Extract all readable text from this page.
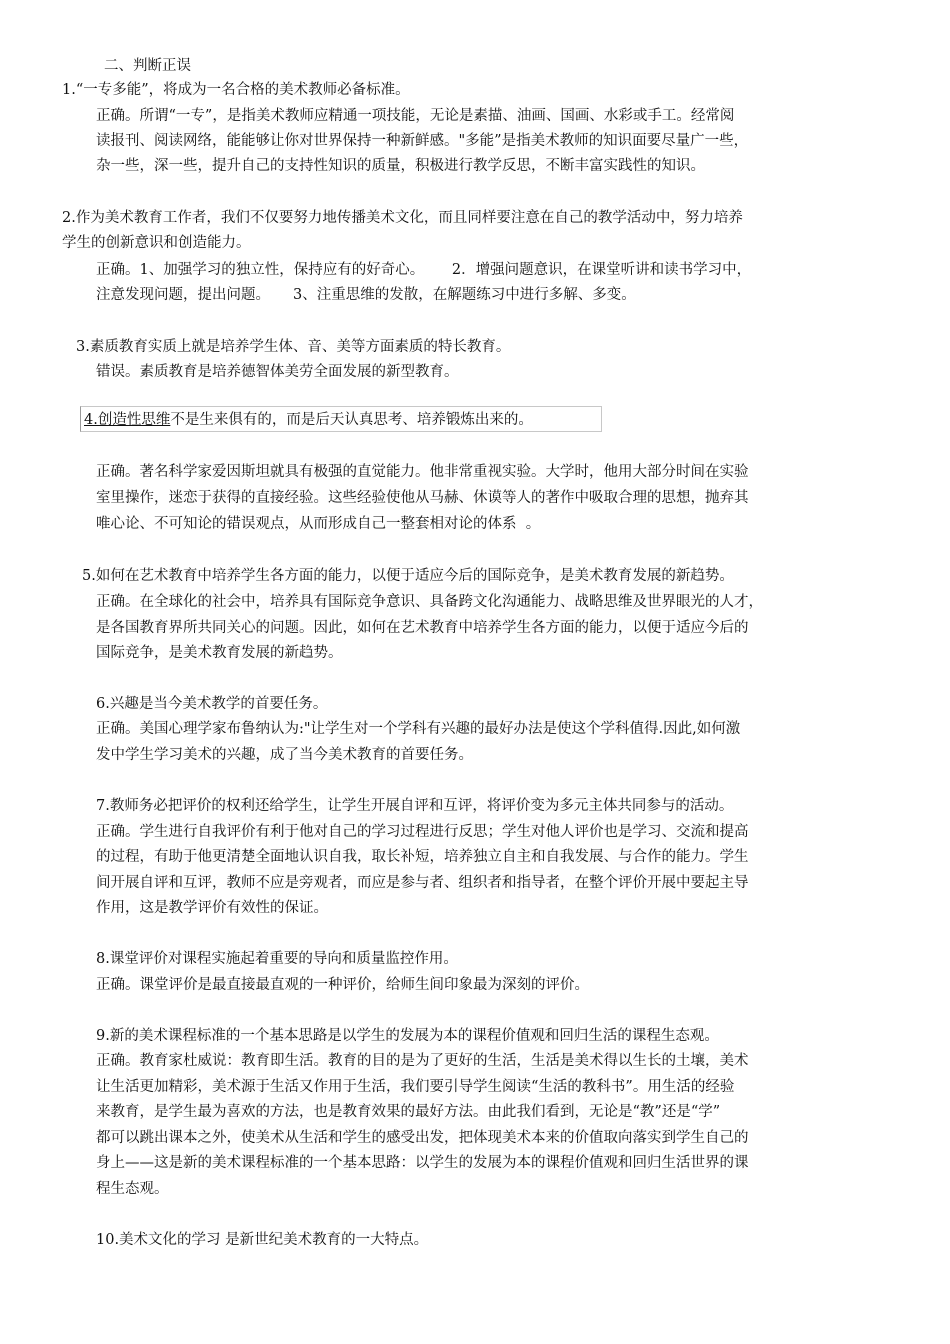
二、判断正误
1.“一专多能”，将成为一名合格的美术教师必备标准。
正确。所谓“一专”，是指美术教师应精通一项技能，无论是素描、油画、国画、水彩或手工。经常阅
读报刊、阅读网络，能能够让你对世界保持一种新鲜感。"多能”是指美术教师的知识面要尽量广一些，
杂一些，深一些，提升自己的支持性知识的质量，积极进行教学反思，不断丰富实践性的知识。
2.作为美术教育工作者，我们不仅要努力地传播美术文化，而且同样要注意在自己的教学活动中，努力培养
学生的创新意识和创造能力。
正确。1、加强学习的独立性，保持应有的好奇心。      2．增强问题意识，在课堂听讲和读书学习中，
注意发现问题，提出问题。     3、注重思维的发散，在解题练习中进行多解、多变。
3.素质教育实质上就是培养学生体、音、美等方面素质的特长教育。
错误。素质教育是培养德智体美劳全面发展的新型教育。
4.创造性思维不是生来俱有的，而是后天认真思考、培养锻炼出来的。
正确。著名科学家爱因斯坦就具有极强的直觉能力。他非常重视实验。大学时，他用大部分时间在实验
室里操作，迷恋于获得的直接经验。这些经验使他从马赫、休谟等人的著作中吸取合理的思想，抛弃其
唯心论、不可知论的错误观点，从而形成自己一整套相对论的体系  。
5.如何在艺术教育中培养学生各方面的能力，以便于适应今后的国际竞争，是美术教育发展的新趋势。
正确。在全球化的社会中，培养具有国际竞争意识、具备跨文化沟通能力、战略思维及世界眼光的人才，
是各国教育界所共同关心的问题。因此，如何在艺术教育中培养学生各方面的能力，以便于适应今后的
国际竞争，是美术教育发展的新趋势。
6.兴趣是当今美术教学的首要任务。
正确。美国心理学家布鲁纳认为:"让学生对一个学科有兴趣的最好办法是使这个学科值得.因此,如何激
发中学生学习美术的兴趣，成了当今美术教育的首要任务。
7.教师务必把评价的权利还给学生，让学生开展自评和互评，将评价变为多元主体共同参与的活动。
正确。学生进行自我评价有利于他对自己的学习过程进行反思；学生对他人评价也是学习、交流和提高
的过程，有助于他更清楚全面地认识自我，取长补短，培养独立自主和自我发展、与合作的能力。学生
间开展自评和互评，教师不应是旁观者，而应是参与者、组织者和指导者，在整个评价开展中要起主导
作用，这是教学评价有效性的保证。
8.课堂评价对课程实施起着重要的导向和质量监控作用。
正确。课堂评价是最直接最直观的一种评价，给师生间印象最为深刻的评价。
9.新的美术课程标准的一个基本思路是以学生的发展为本的课程价值观和回归生活的课程生态观。
正确。教育家杜威说：教育即生活。教育的目的是为了更好的生活，生活是美术得以生长的土壤，美术
让生活更加精彩，美术源于生活又作用于生活，我们要引导学生阅读“生活的教科书”。用生活的经验
来教育，是学生最为喜欢的方法，也是教育效果的最好方法。由此我们看到，无论是“教”还是“学”
都可以跳出课本之外，使美术从生活和学生的感受出发，把体现美术本来的价值取向落实到学生自己的
身上——这是新的美术课程标准的一个基本思路：以学生的发展为本的课程价值观和回归生活世界的课
程生态观。
10.美术文化的学习 是新世纪美术教育的一大特点。
